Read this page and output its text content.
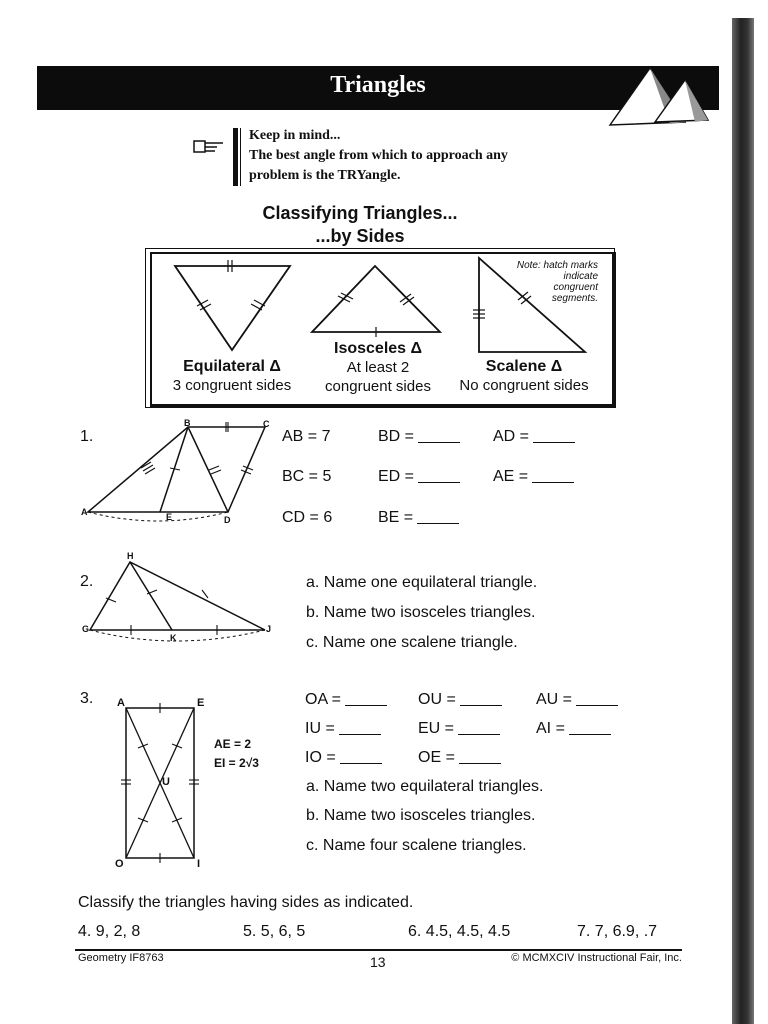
Triangles
Keep in mind...
The best angle from which to approach any
problem is the TRYangle.
Classifying Triangles...
...by Sides
Note: hatch marks
indicate
congruent
segments.
Equilateral Δ
3 congruent sides
Isosceles Δ
At least 2
congruent sides
Scalene Δ
No congruent sides
1.
B	C
A	E	D
AB = 7	BD =	AD =
BC = 5	ED =	AE =
CD = 6	BE =
2.
H
G
K
J
a. Name one equilateral triangle.
b. Name two isosceles triangles.
c. Name one scalene triangle.
3. A	E
U
O	I
AE = 2
EI = 2√3
OA =	OU =	AU =
IU =	EU =	AI =
IO =	OE =
a. Name two equilateral triangles.
b. Name two isosceles triangles.
c. Name four scalene triangles.
Classify the triangles having sides as indicated.
4. 9, 2, 8	5. 5, 6, 5	6. 4.5, 4.5, 4.5	7. 7, 6.9, .7
Geometry IF8763	13	© MCMXCIV Instructional Fair, Inc.
